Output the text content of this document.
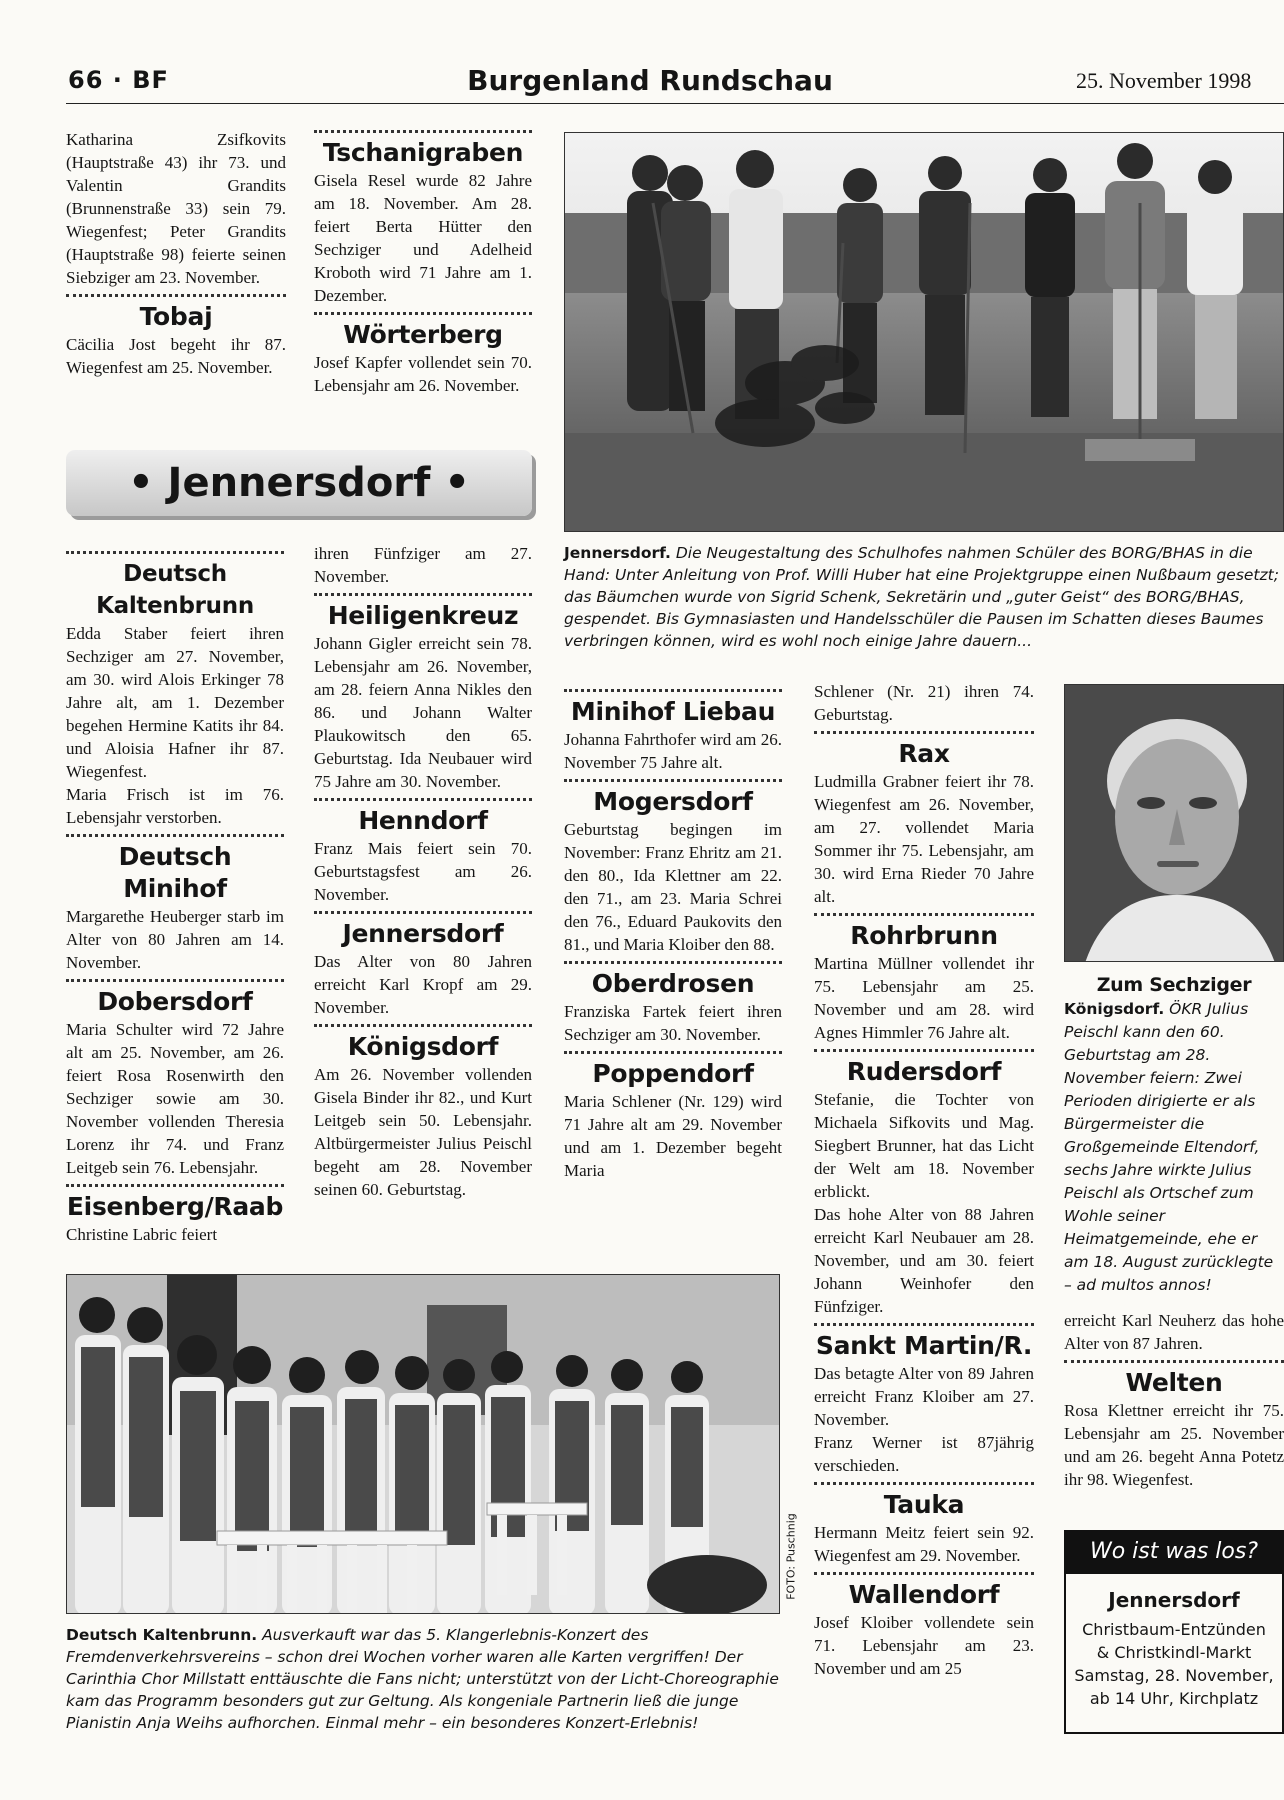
66 · BF	Burgenland Rundschau	25. November 1998

Katharina Zsifkovits (Hauptstraße 43) ihr 73. und Valentin Grandits (Brunnenstraße 33) sein 79. Wiegenfest; Peter Grandits (Hauptstraße 98) feierte seinen Siebziger am 23. November.

Tobaj

Cäcilia Jost begeht ihr 87. Wiegenfest am 25. November.

Tschanigraben

Gisela Resel wurde 82 Jahre am 18. November. Am 28. feiert Berta Hütter den Sechziger und Adelheid Kroboth wird 71 Jahre am 1. Dezember.

Wörterberg

Josef Kapfer vollendet sein 70. Lebensjahr am 26. November.

• Jennersdorf •
Jennersdorf. Die Neugestaltung des Schulhofes nahmen Schüler des BORG/BHAS in die Hand: Unter Anleitung von Prof. Willi Huber hat eine Projektgruppe einen Nußbaum gesetzt; das Bäumchen wurde von Sigrid Schenk, Sekretärin und „guter Geist“ des BORG/BHAS, gespendet. Bis Gymnasiasten und Handelsschüler die Pausen im Schatten dieses Baumes verbringen können, wird es wohl noch einige Jahre dauern...
Deutsch Kaltenbrunn

Edda Staber feiert ihren Sechziger am 27. November, am 30. wird Alois Erkinger 78 Jahre alt, am 1. Dezember begehen Hermine Katits ihr 84. und Aloisia Hafner ihr 87. Wiegenfest.

Maria Frisch ist im 76. Lebensjahr verstorben.

Deutsch Minihof

Margarethe Heuberger starb im Alter von 80 Jahren am 14. November.

Dobersdorf

Maria Schulter wird 72 Jahre alt am 25. November, am 26. feiert Rosa Rosenwirth den Sechziger sowie am 30. November vollenden Theresia Lorenz ihr 74. und Franz Leitgeb sein 76. Lebensjahr.

Eisenberg/Raab

Christine Labric feiert

ihren Fünfziger am 27. November.

Heiligenkreuz

Johann Gigler erreicht sein 78. Lebensjahr am 26. November, am 28. feiern Anna Nikles den 86. und Johann Walter Plaukowitsch den 65. Geburtstag. Ida Neubauer wird 75 Jahre am 30. November.

Henndorf

Franz Mais feiert sein 70. Geburtstagsfest am 26. November.

Jennersdorf

Das Alter von 80 Jahren erreicht Karl Kropf am 29. November.

Königsdorf

Am 26. November vollenden Gisela Binder ihr 82., und Kurt Leitgeb sein 50. Lebensjahr. Altbürgermeister Julius Peischl begeht am 28. November seinen 60. Geburtstag.

Minihof Liebau

Johanna Fahrthofer wird am 26. November 75 Jahre alt.

Mogersdorf

Geburtstag begingen im November: Franz Ehritz am 21. den 80., Ida Klettner am 22. den 71., am 23. Maria Schrei den 76., Eduard Paukovits den 81., und Maria Kloiber den 88.

Oberdrosen

Franziska Fartek feiert ihren Sechziger am 30. November.

Poppendorf

Maria Schlener (Nr. 129) wird 71 Jahre alt am 29. November und am 1. Dezember begeht Maria

Schlener (Nr. 21) ihren 74. Geburtstag.

Rax

Ludmilla Grabner feiert ihr 78. Wiegenfest am 26. November, am 27. vollendet Maria Sommer ihr 75. Lebensjahr, am 30. wird Erna Rieder 70 Jahre alt.

Rohrbrunn

Martina Müllner vollendet ihr 75. Lebensjahr am 25. November und am 28. wird Agnes Himmler 76 Jahre alt.

Rudersdorf

Stefanie, die Tochter von Michaela Sifkovits und Mag. Siegbert Brunner, hat das Licht der Welt am 18. November erblickt.

Das hohe Alter von 88 Jahren erreicht Karl Neubauer am 28. November, und am 30. feiert Johann Weinhofer den Fünfziger.

Sankt Martin/R.

Das betagte Alter von 89 Jahren erreicht Franz Kloiber am 27. November.

Franz Werner ist 87jährig verschieden.

Tauka

Hermann Meitz feiert sein 92. Wiegenfest am 29. November.

Wallendorf

Josef Kloiber vollendete sein 71. Lebensjahr am 23. November und am 25

Zum Sechziger
Königsdorf. ÖKR Julius Peischl kann den 60. Geburtstag am 28. November feiern: Zwei Perioden dirigierte er als Bürgermeister die Großgemeinde Eltendorf, sechs Jahre wirkte Julius Peischl als Ortschef zum Wohle seiner Heimatgemeinde, ehe er am 18. August zurücklegte – ad multos annos!

erreicht Karl Neuherz das hohe Alter von 87 Jahren.

Welten

Rosa Klettner erreicht ihr 75. Lebensjahr am 25. November und am 26. begeht Anna Potetz ihr 98. Wiegenfest.

FOTO: Puschnig
Deutsch Kaltenbrunn. Ausverkauft war das 5. Klangerlebnis-Konzert des Fremdenverkehrsvereins – schon drei Wochen vorher waren alle Karten vergriffen! Der Carinthia Chor Millstatt enttäuschte die Fans nicht; unterstützt von der Licht-Choreographie kam das Programm besonders gut zur Geltung. Als kongeniale Partnerin ließ die junge Pianistin Anja Weihs aufhorchen. Einmal mehr – ein besonderes Konzert-Erlebnis!
Wo ist was los?
Jennersdorf
Christbaum-Entzünden
& Christkindl-Markt
Samstag, 28. November,
ab 14 Uhr, Kirchplatz
